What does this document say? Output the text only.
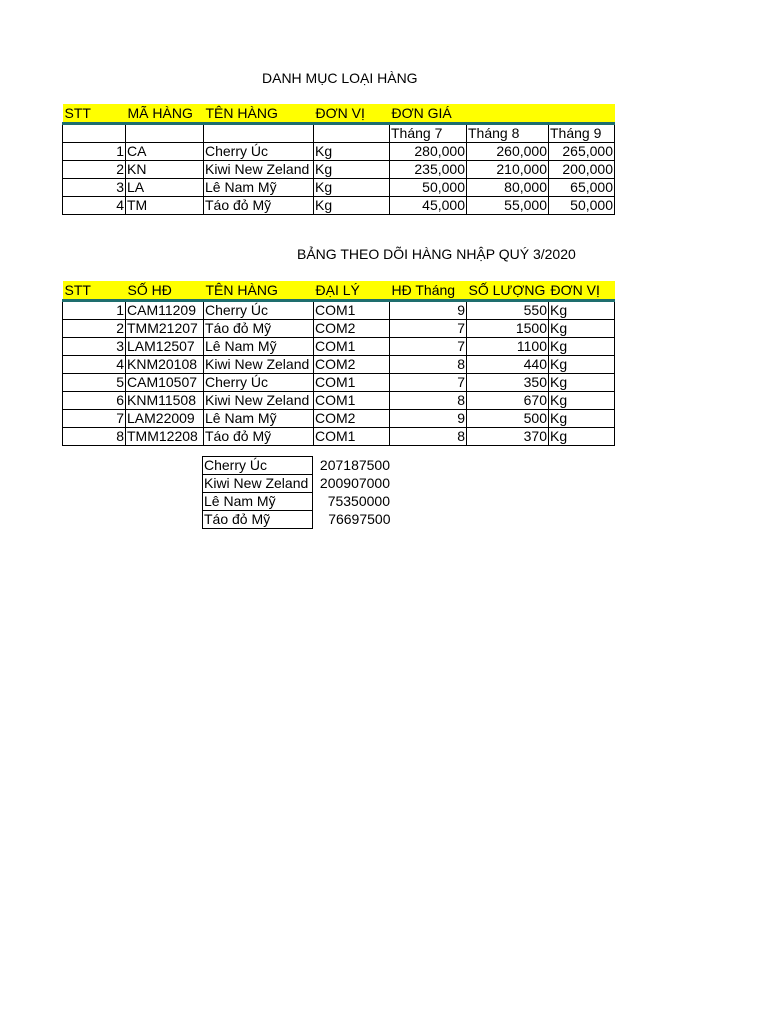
DANH MỤC LOẠI HÀNG
STT	MÃ HÀNG	TÊN HÀNG	ĐƠN VỊ	ĐƠN GIÁ		
				Tháng 7	Tháng 8	Tháng 9
1	CA	Cherry Úc	Kg	280,000	260,000	265,000
2	KN	Kiwi New Zeland	Kg	235,000	210,000	200,000
3	LA	Lê Nam Mỹ	Kg	50,000	80,000	65,000
4	TM	Táo đỏ Mỹ	Kg	45,000	55,000	50,000
BẢNG THEO DÕI HÀNG NHẬP QUÝ 3/2020
STT	SỐ HĐ	TÊN HÀNG	ĐẠI LÝ	HĐ Tháng	SỐ LƯỢNG	ĐƠN VỊ
1	CAM11209	Cherry Úc	COM1	9	550	Kg
2	TMM21207	Táo đỏ Mỹ	COM2	7	1500	Kg
3	LAM12507	Lê Nam Mỹ	COM1	7	1100	Kg
4	KNM20108	Kiwi New Zeland	COM2	8	440	Kg
5	CAM10507	Cherry Úc	COM1	7	350	Kg
6	KNM11508	Kiwi New Zeland	COM1	8	670	Kg
7	LAM22009	Lê Nam Mỹ	COM2	9	500	Kg
8	TMM12208	Táo đỏ Mỹ	COM1	8	370	Kg
Cherry Úc	207187500
Kiwi New Zeland	200907000
Lê Nam Mỹ	75350000
Táo đỏ Mỹ	76697500
